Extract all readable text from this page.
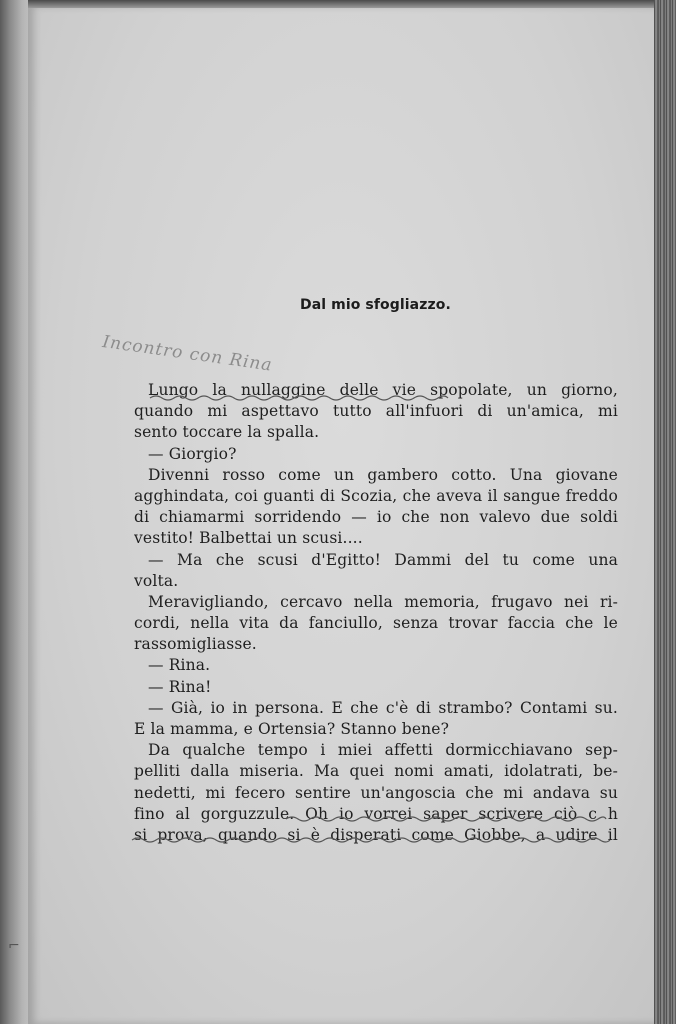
Dal mio sfogliazzo.
Incontro con Rina
Lungo la nullaggine delle vie spopolate, un giorno,
quando mi aspettavo tutto all'infuori di un'amica, mi
sento toccare la spalla.
— Giorgio?
Divenni rosso come un gambero cotto. Una giovane
agghindata, coi guanti di Scozia, che aveva il sangue freddo
di chiamarmi sorridendo — io che non valevo due soldi
vestito! Balbettai un scusi....
— Ma che scusi d'Egitto! Dammi del tu come una
volta.
Meravigliando, cercavo nella memoria, frugavo nei ri-
cordi, nella vita da fanciullo, senza trovar faccia che le
rassomigliasse.
— Rina.
— Rina!
— Già, io in persona. E che c'è di strambo? Contami su.
E la mamma, e Ortensia? Stanno bene?
Da qualche tempo i miei affetti dormicchiavano sep-
pelliti dalla miseria. Ma quei nomi amati, idolatrati, be-
nedetti, mi fecero sentire un'angoscia che mi andava su
fino al gorguzzule. Oh io vorrei saper scrivere ciò c h
si prova, quando si è disperati come Giobbe, a udire il
⌐
